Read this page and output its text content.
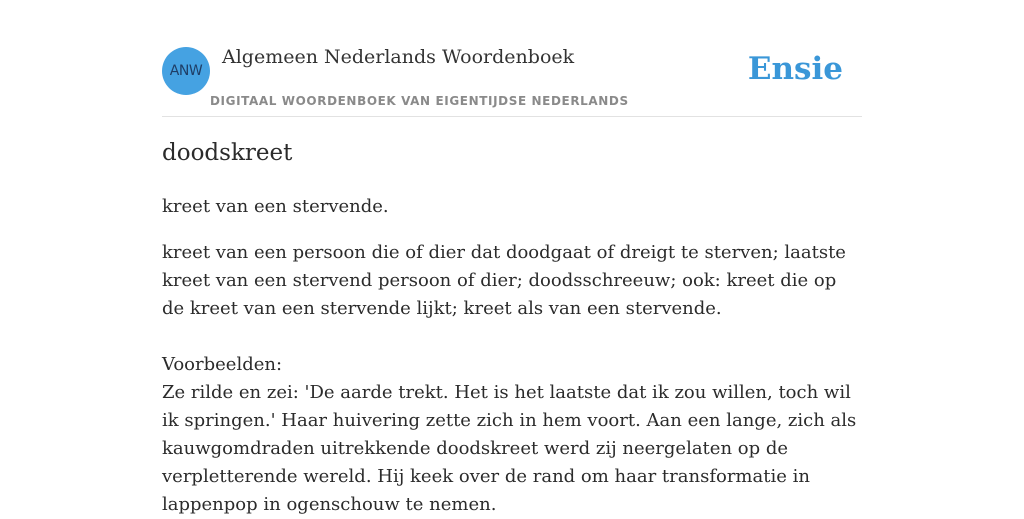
ANW
Algemeen Nederlands Woordenboek
DIGITAAL WOORDENBOEK VAN EIGENTIJDSE NEDERLANDS
Ensie
doodskreet
kreet van een stervende.

kreet van een persoon die of dier dat doodgaat of dreigt te sterven; laatste kreet van een stervend persoon of dier; doodsschreeuw; ook: kreet die op de kreet van een stervende lijkt; kreet als van een stervende.

Voorbeelden:

Ze rilde en zei: 'De aarde trekt. Het is het laatste dat ik zou willen, toch wil ik springen.' Haar huivering zette zich in hem voort. Aan een lange, zich als kauwgomdraden uitrekkende doodskreet werd zij neergelaten op de verpletterende wereld. Hij keek over de rand om haar transformatie in lappenpop in ogenschouw te nemen.
